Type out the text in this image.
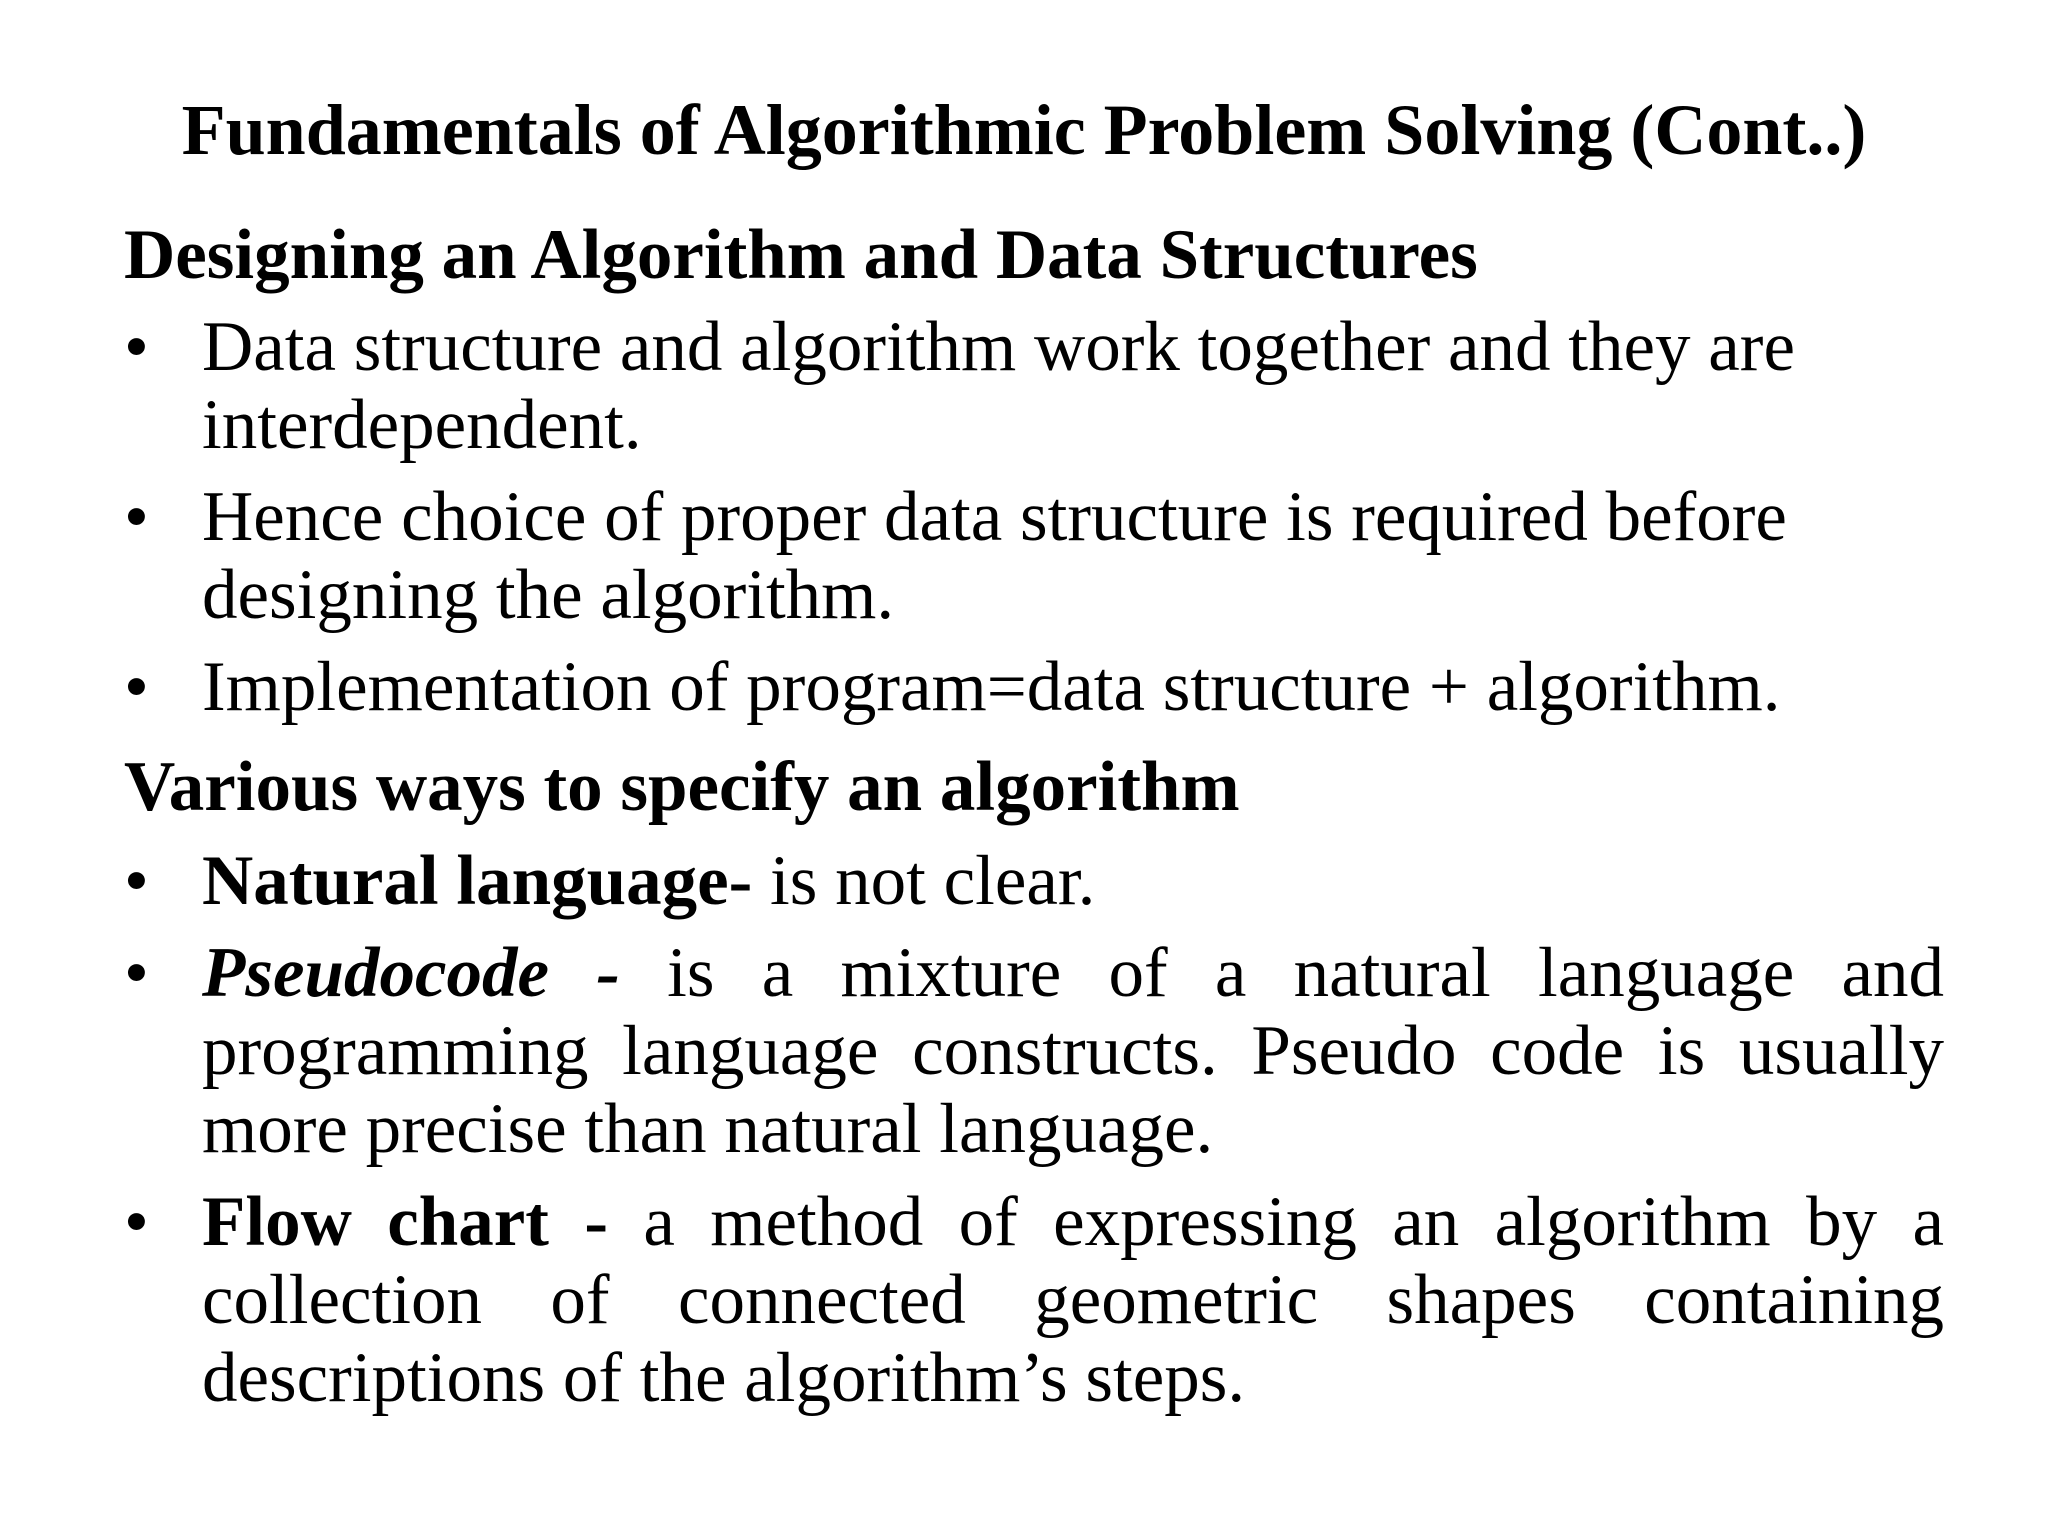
Fundamentals of Algorithmic Problem Solving (Cont..)
Designing an Algorithm and Data Structures
• Data structure and algorithm work together and they are interdependent.
• Hence choice of proper data structure is required before designing the algorithm.
• Implementation of program=data structure + algorithm.
Various ways to specify an algorithm
• Natural language- is not clear.
• Pseudocode - is a mixture of a natural language and programming language constructs. Pseudo code is usually more precise than natural language.
• Flow chart - a method of expressing an algorithm by a collection of connected geometric shapes containing descriptions of the algorithm’s steps.
